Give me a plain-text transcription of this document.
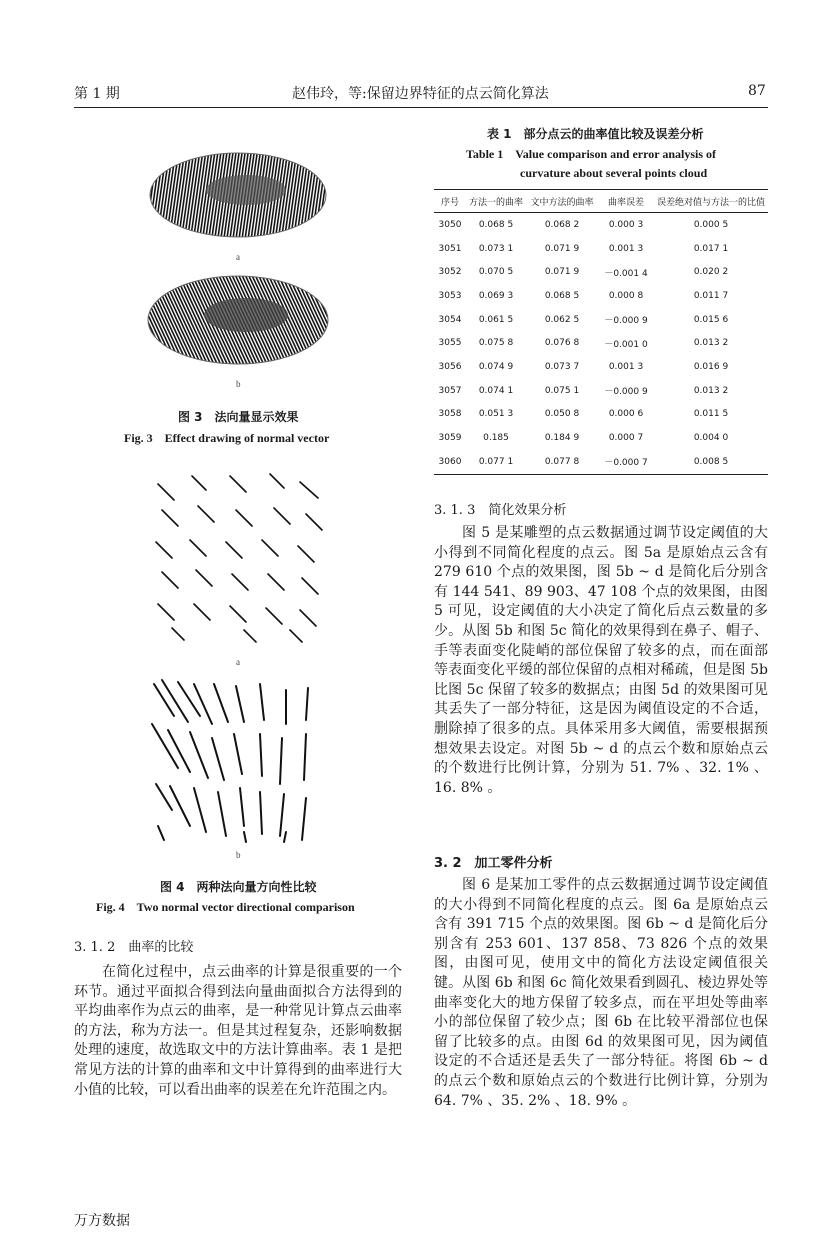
第 1 期	赵伟玲，等:保留边界特征的点云简化算法	87
a
b
图 3　法向量显示效果
Fig. 3　Effect drawing of normal vector
a
b
图 4　两种法向量方向性比较
Fig. 4　Two normal vector directional comparison
3. 1. 2　曲率的比较

在简化过程中，点云曲率的计算是很重要的一个环节。通过平面拟合得到法向量曲面拟合方法得到的平均曲率作为点云的曲率，是一种常见计算点云曲率的方法，称为方法一。但是其过程复杂，还影响数据处理的速度，故选取文中的方法计算曲率。表 1 是把常见方法的计算的曲率和文中计算得到的曲率进行大小值的比较，可以看出曲率的误差在允许范围之内。

表 1　部分点云的曲率值比较及误差分析
Table 1　Value comparison and error analysis of
curvature about several points cloud
序号	方法一的曲率	文中方法的曲率	曲率误差	误差绝对值与方法一的比值
3050	0.068 5	0.068 2	0.000 3	0.000 5
3051	0.073 1	0.071 9	0.001 3	0.017 1
3052	0.070 5	0.071 9	－0.001 4	0.020 2
3053	0.069 3	0.068 5	0.000 8	0.011 7
3054	0.061 5	0.062 5	－0.000 9	0.015 6
3055	0.075 8	0.076 8	－0.001 0	0.013 2
3056	0.074 9	0.073 7	0.001 3	0.016 9
3057	0.074 1	0.075 1	－0.000 9	0.013 2
3058	0.051 3	0.050 8	0.000 6	0.011 5
3059	0.185	0.184 9	0.000 7	0.004 0
3060	0.077 1	0.077 8	－0.000 7	0.008 5
3. 1. 3　简化效果分析

图 5 是某雕塑的点云数据通过调节设定阈值的大小得到不同简化程度的点云。图 5a 是原始点云含有 279 610 个点的效果图，图 5b ~ d 是简化后分别含有 144 541、89 903、47 108 个点的效果图，由图 5 可见，设定阈值的大小决定了简化后点云数量的多少。从图 5b 和图 5c 简化的效果得到在鼻子、帽子、手等表面变化陡峭的部位保留了较多的点，而在面部等表面变化平缓的部位保留的点相对稀疏，但是图 5b 比图 5c 保留了较多的数据点；由图 5d 的效果图可见其丢失了一部分特征，这是因为阈值设定的不合适，删除掉了很多的点。具体采用多大阈值，需要根据预想效果去设定。对图 5b ~ d 的点云个数和原始点云的个数进行比例计算，分别为 51. 7% 、32. 1% 、16. 8% 。

3. 2　加工零件分析

图 6 是某加工零件的点云数据通过调节设定阈值的大小得到不同简化程度的点云。图 6a 是原始点云含有 391 715 个点的效果图。图 6b ~ d 是简化后分别含有 253 601、137 858、73 826 个点的效果图，由图可见，使用文中的简化方法设定阈值很关键。从图 6b 和图 6c 简化效果看到圆孔、棱边界处等曲率变化大的地方保留了较多点，而在平坦处等曲率小的部位保留了较少点；图 6b 在比较平滑部位也保留了比较多的点。由图 6d 的效果图可见，因为阈值设定的不合适还是丢失了一部分特征。将图 6b ~ d 的点云个数和原始点云的个数进行比例计算，分别为 64. 7% 、35. 2% 、18. 9% 。

万方数据
